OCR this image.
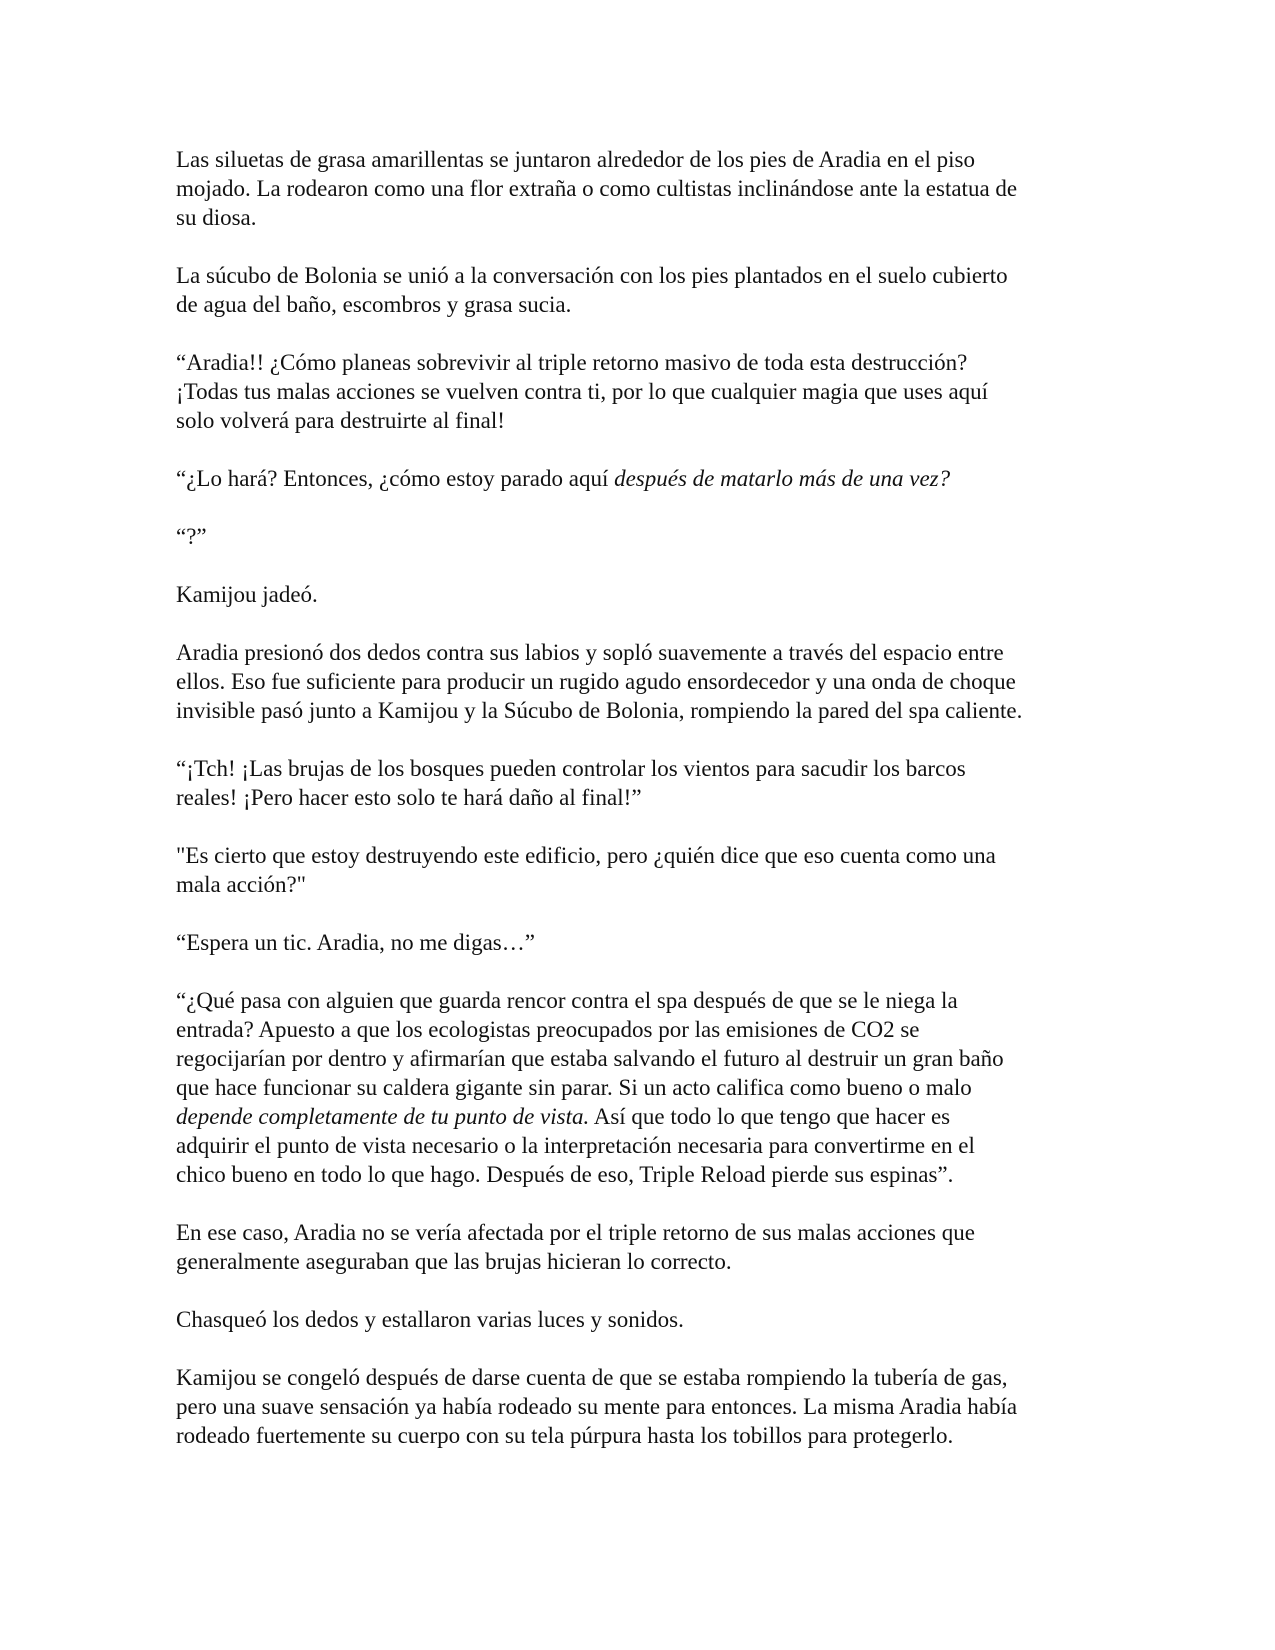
Las siluetas de grasa amarillentas se juntaron alrededor de los pies de Aradia en el piso
mojado. La rodearon como una flor extraña o como cultistas inclinándose ante la estatua de
su diosa.

La súcubo de Bolonia se unió a la conversación con los pies plantados en el suelo cubierto
de agua del baño, escombros y grasa sucia.

“Aradia!! ¿Cómo planeas sobrevivir al triple retorno masivo de toda esta destrucción?
¡Todas tus malas acciones se vuelven contra ti, por lo que cualquier magia que uses aquí
solo volverá para destruirte al final!

“¿Lo hará? Entonces, ¿cómo estoy parado aquí después de matarlo más de una vez?

“?”

Kamijou jadeó.

Aradia presionó dos dedos contra sus labios y sopló suavemente a través del espacio entre
ellos. Eso fue suficiente para producir un rugido agudo ensordecedor y una onda de choque
invisible pasó junto a Kamijou y la Súcubo de Bolonia, rompiendo la pared del spa caliente.

“¡Tch! ¡Las brujas de los bosques pueden controlar los vientos para sacudir los barcos
reales! ¡Pero hacer esto solo te hará daño al final!”

"Es cierto que estoy destruyendo este edificio, pero ¿quién dice que eso cuenta como una
mala acción?"

“Espera un tic. Aradia, no me digas…”

“¿Qué pasa con alguien que guarda rencor contra el spa después de que se le niega la
entrada? Apuesto a que los ecologistas preocupados por las emisiones de CO2 se
regocijarían por dentro y afirmarían que estaba salvando el futuro al destruir un gran baño
que hace funcionar su caldera gigante sin parar. Si un acto califica como bueno o malo
depende completamente de tu punto de vista. Así que todo lo que tengo que hacer es
adquirir el punto de vista necesario o la interpretación necesaria para convertirme en el
chico bueno en todo lo que hago. Después de eso, Triple Reload pierde sus espinas”.

En ese caso, Aradia no se vería afectada por el triple retorno de sus malas acciones que
generalmente aseguraban que las brujas hicieran lo correcto.

Chasqueó los dedos y estallaron varias luces y sonidos.

Kamijou se congeló después de darse cuenta de que se estaba rompiendo la tubería de gas,
pero una suave sensación ya había rodeado su mente para entonces. La misma Aradia había
rodeado fuertemente su cuerpo con su tela púrpura hasta los tobillos para protegerlo.
